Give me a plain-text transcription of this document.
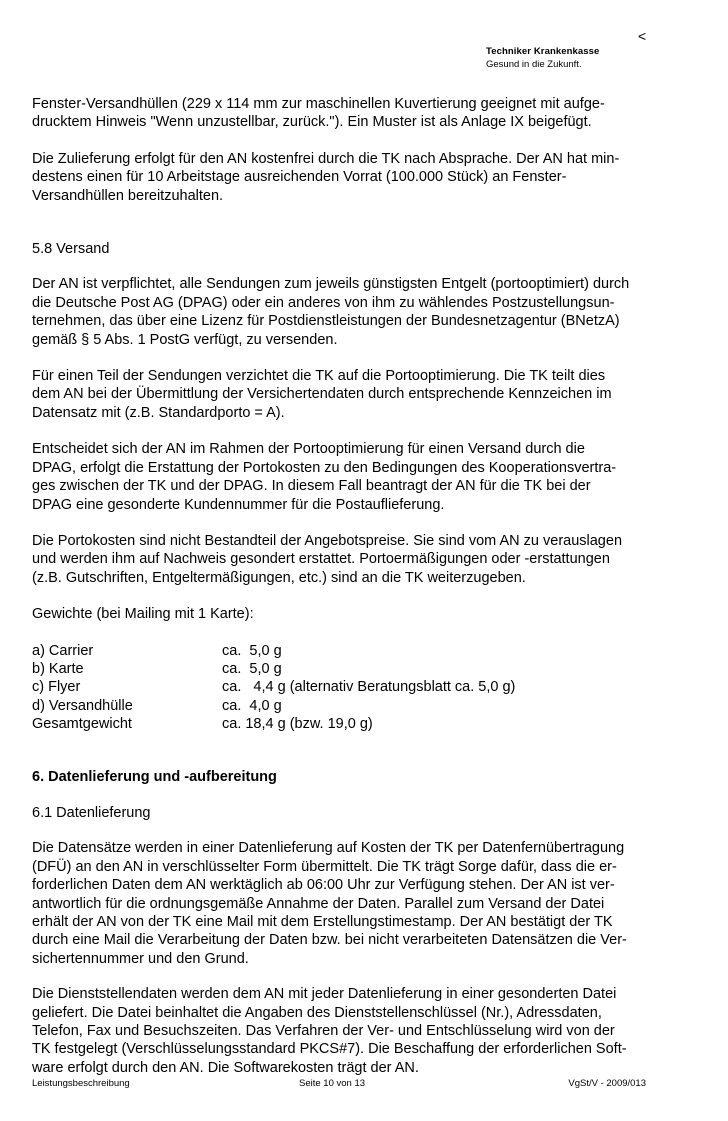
<
Techniker Krankenkasse
Gesund in die Zukunft.

Fenster-Versandhüllen (229 x 114 mm zur maschinellen Kuvertierung geeignet mit aufge-

drucktem Hinweis "Wenn unzustellbar, zurück."). Ein Muster ist als Anlage IX beigefügt.

Die Zulieferung erfolgt für den AN kostenfrei durch die TK nach Absprache. Der AN hat min-

destens einen für 10 Arbeitstage ausreichenden Vorrat (100.000 Stück) an Fenster-

Versandhüllen bereitzuhalten.

5.8 Versand

Der AN ist verpflichtet, alle Sendungen zum jeweils günstigsten Entgelt (portooptimiert) durch

die Deutsche Post AG (DPAG) oder ein anderes von ihm zu wählendes Postzustellungsun-

ternehmen, das über eine Lizenz für Postdienstleistungen der Bundesnetzagentur (BNetzA)

gemäß § 5 Abs. 1 PostG verfügt, zu versenden.

Für einen Teil der Sendungen verzichtet die TK auf die Portooptimierung. Die TK teilt dies

dem AN bei der Übermittlung der Versichertendaten durch entsprechende Kennzeichen im

Datensatz mit (z.B. Standardporto = A).

Entscheidet sich der AN im Rahmen der Portooptimierung für einen Versand durch die

DPAG, erfolgt die Erstattung der Portokosten zu den Bedingungen des Kooperationsvertra-

ges zwischen der TK und der DPAG. In diesem Fall beantragt der AN für die TK bei der

DPAG eine gesonderte Kundennummer für die Postauflieferung.

Die Portokosten sind nicht Bestandteil der Angebotspreise. Sie sind vom AN zu verauslagen

und werden ihm auf Nachweis gesondert erstattet. Portoermäßigungen oder -erstattungen

(z.B. Gutschriften, Entgeltermäßigungen, etc.) sind an die TK weiterzugeben.

Gewichte (bei Mailing mit 1 Karte):

a) Carrier	ca.  5,0 g
b) Karte	ca.  5,0 g
c) Flyer	ca.   4,4 g (alternativ Beratungsblatt ca. 5,0 g)
d) Versandhülle	ca.  4,0 g
Gesamtgewicht	ca. 18,4 g (bzw. 19,0 g)

6. Datenlieferung und -aufbereitung

6.1 Datenlieferung

Die Datensätze werden in einer Datenlieferung auf Kosten der TK per Datenfernübertragung

(DFÜ) an den AN in verschlüsselter Form übermittelt. Die TK trägt Sorge dafür, dass die er-

forderlichen Daten dem AN werktäglich ab 06:00 Uhr zur Verfügung stehen. Der AN ist ver-

antwortlich für die ordnungsgemäße Annahme der Daten. Parallel zum Versand der Datei

erhält der AN von der TK eine Mail mit dem Erstellungstimestamp. Der AN bestätigt der TK

durch eine Mail die Verarbeitung der Daten bzw. bei nicht verarbeiteten Datensätzen die Ver-

sichertennummer und den Grund.

Die Dienststellendaten werden dem AN mit jeder Datenlieferung in einer gesonderten Datei

geliefert. Die Datei beinhaltet die Angaben des Dienststellenschlüssel (Nr.), Adressdaten,

Telefon, Fax und Besuchszeiten. Das Verfahren der Ver- und Entschlüsselung wird von der

TK festgelegt (Verschlüsselungsstandard PKCS#7). Die Beschaffung der erforderlichen Soft-

ware erfolgt durch den AN. Die Softwarekosten trägt der AN.

Leistungsbeschreibung	Seite 10 von 13	VgSt/V - 2009/013
